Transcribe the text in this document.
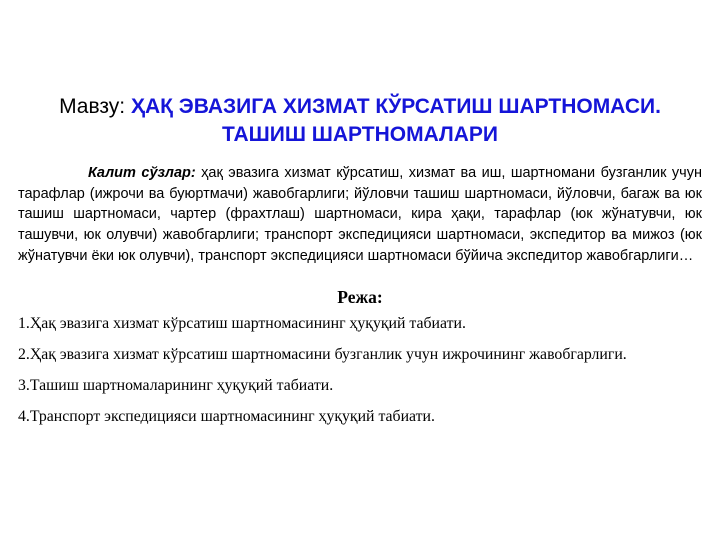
Мавзу: ҲАҚ ЭВАЗИГА ХИЗМАТ КЎРСАТИШ ШАРТНОМАСИ.
ТАШИШ ШАРТНОМАЛАРИ

Калит сўзлар: ҳақ эвазига хизмат кўрсатиш, хизмат ва иш, шартномани бузганлик учун тарафлар (ижрочи ва буюртмачи) жавобгарлиги; йўловчи ташиш шартномаси, йўловчи, багаж ва юк ташиш шартномаси, чартер (фрахтлаш) шартномаси, кира ҳақи, тарафлар (юк жўнатувчи, юк ташувчи, юк олувчи) жавобгарлиги; транспорт экспедицияси шартномаси, экспедитор ва мижоз (юк жўнатувчи ёки юк олувчи), транспорт экспедицияси шартномаси бўйича экспедитор жавобгарлиги…

Режа:
1.Ҳақ эвазига хизмат кўрсатиш шартномасининг ҳуқуқий табиати.
2.Ҳақ эвазига хизмат кўрсатиш шартномасини бузганлик учун ижрочининг жавобгарлиги.
3.Ташиш шартномаларининг ҳуқуқий табиати.
4.Транспорт экспедицияси шартномасининг ҳуқуқий табиати.
